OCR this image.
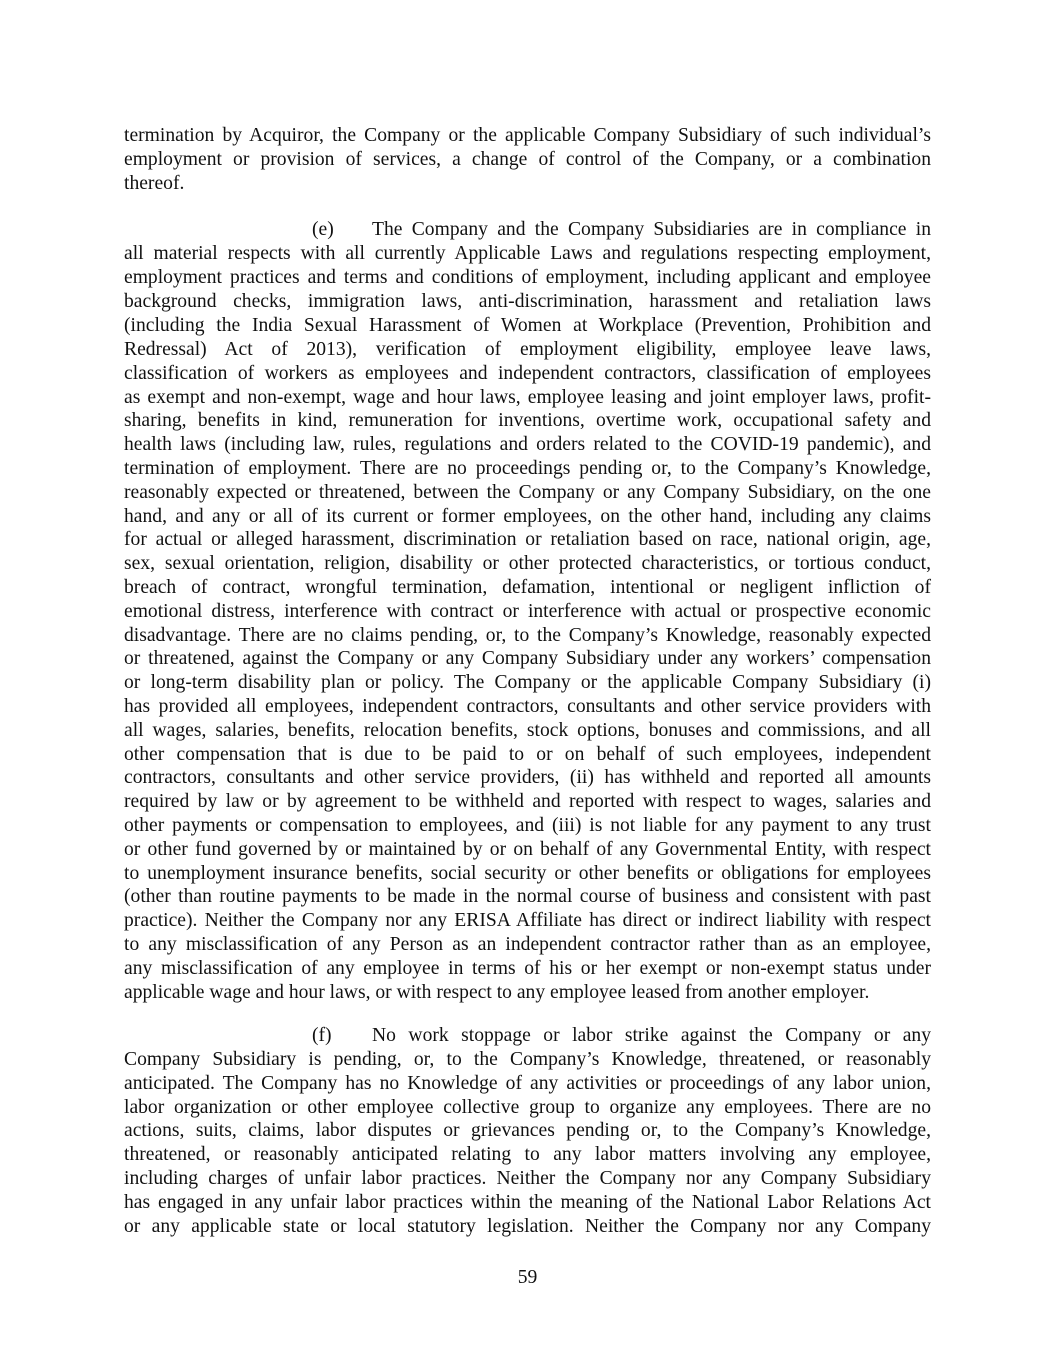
termination by Acquiror, the Company or the applicable Company Subsidiary of such individual’s
employment or provision of services, a change of control of the Company, or a combination
thereof.
(e) The Company and the Company Subsidiaries are in compliance in
all material respects with all currently Applicable Laws and regulations respecting employment,
employment practices and terms and conditions of employment, including applicant and employee
background checks, immigration laws, anti-discrimination, harassment and retaliation laws
(including the India Sexual Harassment of Women at Workplace (Prevention, Prohibition and
Redressal) Act of 2013), verification of employment eligibility, employee leave laws,
classification of workers as employees and independent contractors, classification of employees
as exempt and non-exempt, wage and hour laws, employee leasing and joint employer laws, profit-
sharing, benefits in kind, remuneration for inventions, overtime work, occupational safety and
health laws (including law, rules, regulations and orders related to the COVID-19 pandemic), and
termination of employment. There are no proceedings pending or, to the Company’s Knowledge,
reasonably expected or threatened, between the Company or any Company Subsidiary, on the one
hand, and any or all of its current or former employees, on the other hand, including any claims
for actual or alleged harassment, discrimination or retaliation based on race, national origin, age,
sex, sexual orientation, religion, disability or other protected characteristics, or tortious conduct,
breach of contract, wrongful termination, defamation, intentional or negligent infliction of
emotional distress, interference with contract or interference with actual or prospective economic
disadvantage. There are no claims pending, or, to the Company’s Knowledge, reasonably expected
or threatened, against the Company or any Company Subsidiary under any workers’ compensation
or long-term disability plan or policy. The Company or the applicable Company Subsidiary (i)
has provided all employees, independent contractors, consultants and other service providers with
all wages, salaries, benefits, relocation benefits, stock options, bonuses and commissions, and all
other compensation that is due to be paid to or on behalf of such employees, independent
contractors, consultants and other service providers, (ii) has withheld and reported all amounts
required by law or by agreement to be withheld and reported with respect to wages, salaries and
other payments or compensation to employees, and (iii) is not liable for any payment to any trust
or other fund governed by or maintained by or on behalf of any Governmental Entity, with respect
to unemployment insurance benefits, social security or other benefits or obligations for employees
(other than routine payments to be made in the normal course of business and consistent with past
practice). Neither the Company nor any ERISA Affiliate has direct or indirect liability with respect
to any misclassification of any Person as an independent contractor rather than as an employee,
any misclassification of any employee in terms of his or her exempt or non-exempt status under
applicable wage and hour laws, or with respect to any employee leased from another employer.
(f) No work stoppage or labor strike against the Company or any
Company Subsidiary is pending, or, to the Company’s Knowledge, threatened, or reasonably
anticipated. The Company has no Knowledge of any activities or proceedings of any labor union,
labor organization or other employee collective group to organize any employees. There are no
actions, suits, claims, labor disputes or grievances pending or, to the Company’s Knowledge,
threatened, or reasonably anticipated relating to any labor matters involving any employee,
including charges of unfair labor practices. Neither the Company nor any Company Subsidiary
has engaged in any unfair labor practices within the meaning of the National Labor Relations Act
or any applicable state or local statutory legislation. Neither the Company nor any Company
59
